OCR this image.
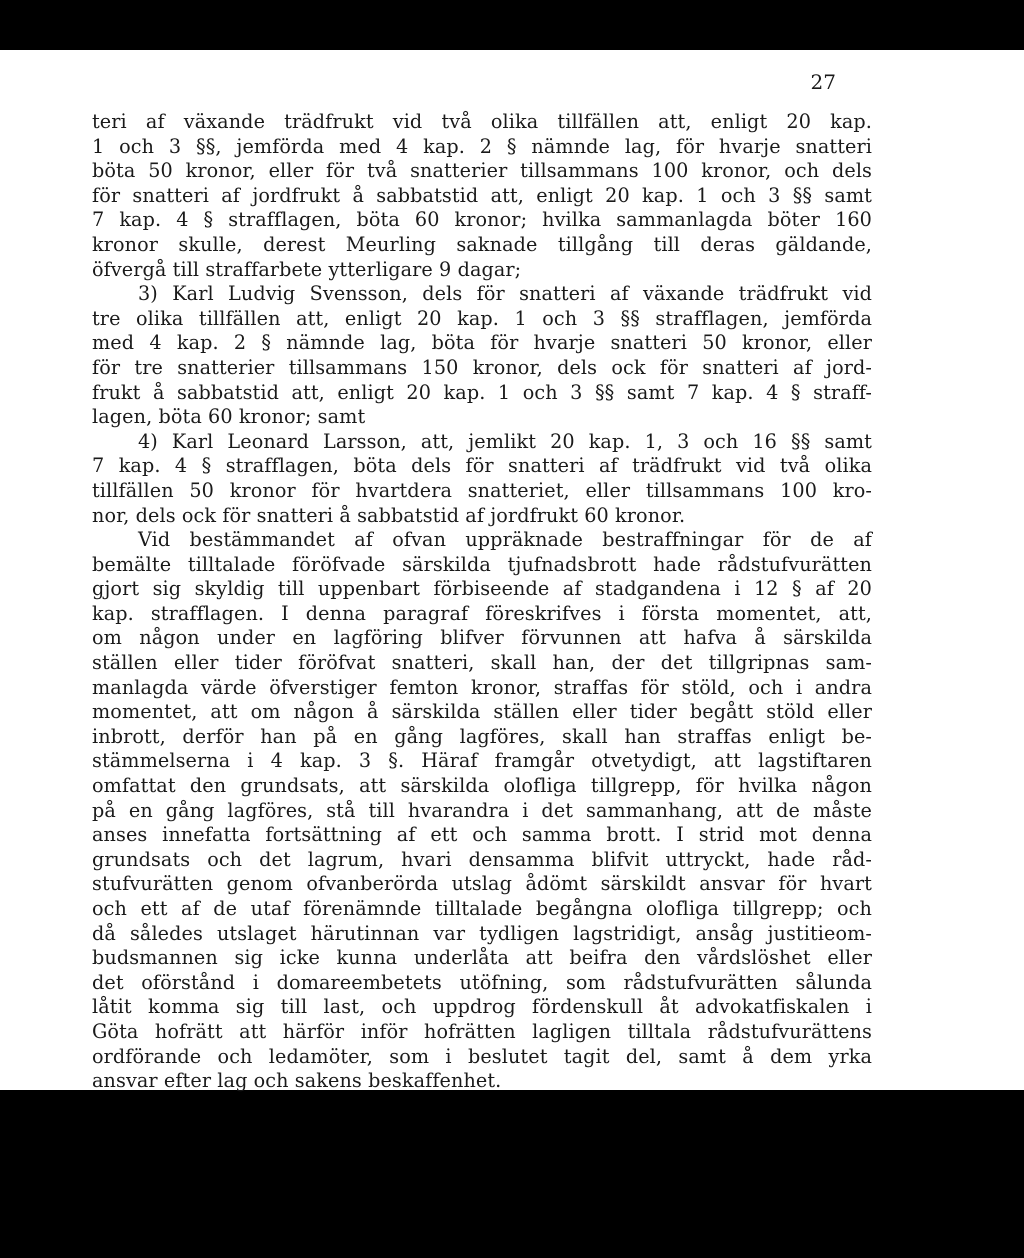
27
teri af växande trädfrukt vid två olika tillfällen att, enligt 20 kap.
1 och 3 §§, jemförda med 4 kap. 2 § nämnde lag, för hvarje snatteri
böta 50 kronor, eller för två snatterier tillsammans 100 kronor, och dels
för snatteri af jordfrukt å sabbatstid att, enligt 20 kap. 1 och 3 §§ samt
7 kap. 4 § strafflagen, böta 60 kronor; hvilka sammanlagda böter 160
kronor skulle, derest Meurling saknade tillgång till deras gäldande,
öfvergå till straffarbete ytterligare 9 dagar;
3) Karl Ludvig Svensson, dels för snatteri af växande trädfrukt vid
tre olika tillfällen att, enligt 20 kap. 1 och 3 §§ strafflagen, jemförda
med 4 kap. 2 § nämnde lag, böta för hvarje snatteri 50 kronor, eller
för tre snatterier tillsammans 150 kronor, dels ock för snatteri af jord-
frukt å sabbatstid att, enligt 20 kap. 1 och 3 §§ samt 7 kap. 4 § straff-
lagen, böta 60 kronor; samt
4) Karl Leonard Larsson, att, jemlikt 20 kap. 1, 3 och 16 §§ samt
7 kap. 4 § strafflagen, böta dels för snatteri af trädfrukt vid två olika
tillfällen 50 kronor för hvartdera snatteriet, eller tillsammans 100 kro-
nor, dels ock för snatteri å sabbatstid af jordfrukt 60 kronor.
Vid bestämmandet af ofvan uppräknade bestraffningar för de af
bemälte tilltalade föröfvade särskilda tjufnadsbrott hade rådstufvurätten
gjort sig skyldig till uppenbart förbiseende af stadgandena i 12 § af 20
kap. strafflagen. I denna paragraf föreskrifves i första momentet, att,
om någon under en lagföring blifver förvunnen att hafva å särskilda
ställen eller tider föröfvat snatteri, skall han, der det tillgripnas sam-
manlagda värde öfverstiger femton kronor, straffas för stöld, och i andra
momentet, att om någon å särskilda ställen eller tider begått stöld eller
inbrott, derför han på en gång lagföres, skall han straffas enligt be-
stämmelserna i 4 kap. 3 §. Häraf framgår otvetydigt, att lagstiftaren
omfattat den grundsats, att särskilda olofliga tillgrepp, för hvilka någon
på en gång lagföres, stå till hvarandra i det sammanhang, att de måste
anses innefatta fortsättning af ett och samma brott. I strid mot denna
grundsats och det lagrum, hvari densamma blifvit uttryckt, hade råd-
stufvurätten genom ofvanberörda utslag ådömt särskildt ansvar för hvart
och ett af de utaf förenämnde tilltalade begångna olofliga tillgrepp; och
då således utslaget härutinnan var tydligen lagstridigt, ansåg justitieom-
budsmannen sig icke kunna underlåta att beifra den vårdslöshet eller
det oförstånd i domareembetets utöfning, som rådstufvurätten sålunda
låtit komma sig till last, och uppdrog fördenskull åt advokatfiskalen i
Göta hofrätt att härför inför hofrätten lagligen tilltala rådstufvurättens
ordförande och ledamöter, som i beslutet tagit del, samt å dem yrka
ansvar efter lag och sakens beskaffenhet.
